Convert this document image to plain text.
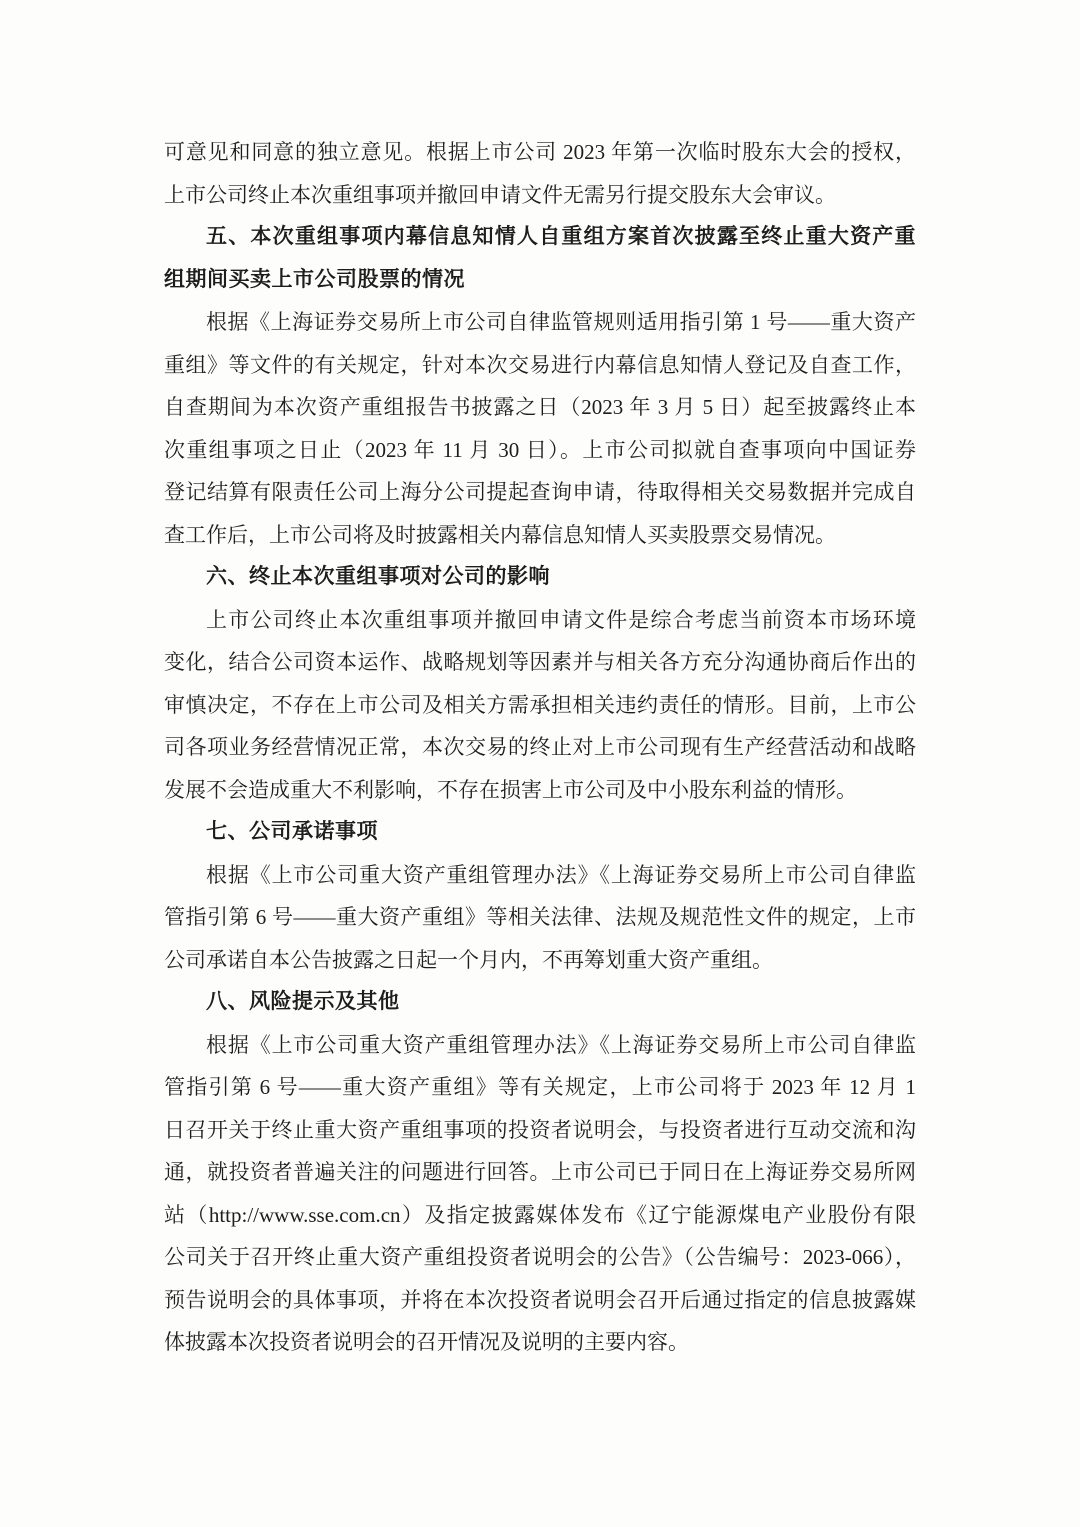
可意见和同意的独立意见。根据上市公司 2023 年第一次临时股东大会的授权，
上市公司终止本次重组事项并撤回申请文件无需另行提交股东大会审议。
五、本次重组事项内幕信息知情人自重组方案首次披露至终止重大资产重
组期间买卖上市公司股票的情况
根据《上海证券交易所上市公司自律监管规则适用指引第 1 号——重大资产
重组》等文件的有关规定，针对本次交易进行内幕信息知情人登记及自查工作，
自查期间为本次资产重组报告书披露之日（2023 年 3 月 5 日）起至披露终止本
次重组事项之日止（2023 年 11 月 30 日）。上市公司拟就自查事项向中国证券
登记结算有限责任公司上海分公司提起查询申请，待取得相关交易数据并完成自
查工作后，上市公司将及时披露相关内幕信息知情人买卖股票交易情况。
六、终止本次重组事项对公司的影响
上市公司终止本次重组事项并撤回申请文件是综合考虑当前资本市场环境
变化，结合公司资本运作、战略规划等因素并与相关各方充分沟通协商后作出的
审慎决定，不存在上市公司及相关方需承担相关违约责任的情形。目前，上市公
司各项业务经营情况正常，本次交易的终止对上市公司现有生产经营活动和战略
发展不会造成重大不利影响，不存在损害上市公司及中小股东利益的情形。
七、公司承诺事项
根据《上市公司重大资产重组管理办法》《上海证券交易所上市公司自律监
管指引第 6 号——重大资产重组》等相关法律、法规及规范性文件的规定，上市
公司承诺自本公告披露之日起一个月内，不再筹划重大资产重组。
八、风险提示及其他
根据《上市公司重大资产重组管理办法》《上海证券交易所上市公司自律监
管指引第 6 号——重大资产重组》等有关规定，上市公司将于 2023 年 12 月 1
日召开关于终止重大资产重组事项的投资者说明会，与投资者进行互动交流和沟
通，就投资者普遍关注的问题进行回答。上市公司已于同日在上海证券交易所网
站（http://www.sse.com.cn）及指定披露媒体发布《辽宁能源煤电产业股份有限
公司关于召开终止重大资产重组投资者说明会的公告》（公告编号：2023-066），
预告说明会的具体事项，并将在本次投资者说明会召开后通过指定的信息披露媒
体披露本次投资者说明会的召开情况及说明的主要内容。
